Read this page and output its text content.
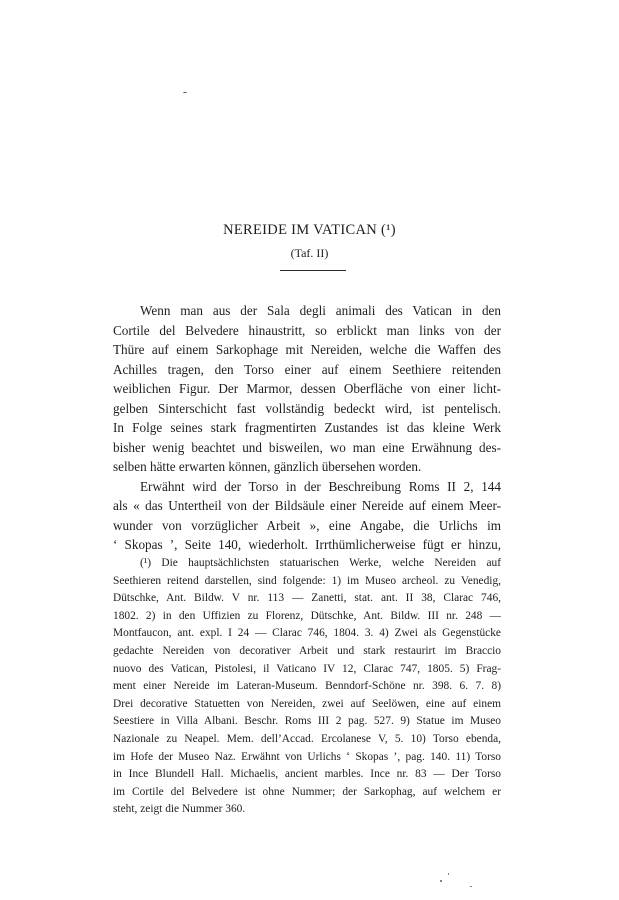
NEREIDE IM VATICAN (¹)
(Taf. II)
Wenn man aus der Sala degli animali des Vatican in den
Cortile del Belvedere hinaustritt, so erblickt man links von der
Thüre auf einem Sarkophage mit Nereiden, welche die Waffen des
Achilles tragen, den Torso einer auf einem Seethiere reitenden
weiblichen Figur. Der Marmor, dessen Oberfläche von einer licht-
gelben Sinterschicht fast vollständig bedeckt wird, ist pentelisch.
In Folge seines stark fragmentirten Zustandes ist das kleine Werk
bisher wenig beachtet und bisweilen, wo man eine Erwähnung des-
selben hätte erwarten können, gänzlich übersehen worden.
Erwähnt wird der Torso in der Beschreibung Roms II 2, 144
als « das Untertheil von der Bildsäule einer Nereide auf einem Meer-
wunder von vorzüglicher Arbeit », eine Angabe, die Urlichs im
‘ Skopas ’, Seite 140, wiederholt. Irrthümlicherweise fügt er hinzu,
(¹) Die hauptsächlichsten statuarischen Werke, welche Nereiden auf
Seethieren reitend darstellen, sind folgende: 1) im Museo archeol. zu Venedig,
Dütschke, Ant. Bildw. V nr. 113 — Zanetti, stat. ant. II 38, Clarac 746,
1802. 2) in den Uffizien zu Florenz, Dütschke, Ant. Bildw. III nr. 248 —
Montfaucon, ant. expl. I 24 — Clarac 746, 1804. 3. 4) Zwei als Gegenstücke
gedachte Nereiden von decorativer Arbeit und stark restaurirt im Braccio
nuovo des Vatican, Pistolesi, il Vaticano IV 12, Clarac 747, 1805. 5) Frag-
ment einer Nereide im Lateran-Museum. Benndorf-Schöne nr. 398. 6. 7. 8)
Drei decorative Statuetten von Nereiden, zwei auf Seelöwen, eine auf einem
Seestiere in Villa Albani. Beschr. Roms III 2 pag. 527. 9) Statue im Museo
Nazionale zu Neapel. Mem. dell’Accad. Ercolanese V, 5. 10) Torso ebenda,
im Hofe der Museo Naz. Erwähnt von Urlichs ‘ Skopas ’, pag. 140. 11) Torso
in Ince Blundell Hall. Michaelis, ancient marbles. Ince nr. 83 — Der Torso
im Cortile del Belvedere ist ohne Nummer; der Sarkophag, auf welchem er
steht, zeigt die Nummer 360.
